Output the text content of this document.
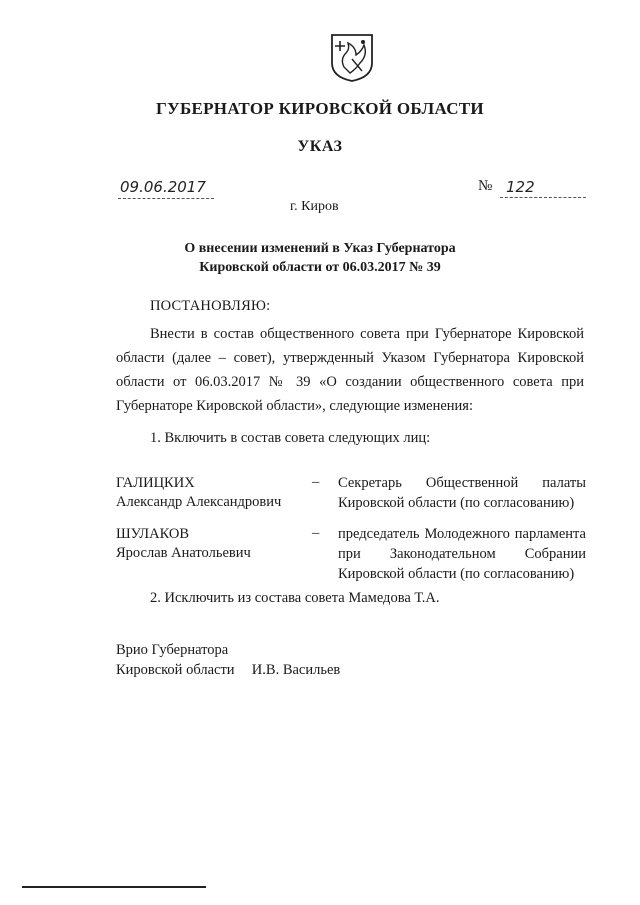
ГУБЕРНАТОР КИРОВСКОЙ ОБЛАСТИ
УКАЗ
09.06.2017	№ 122
г. Киров
О внесении изменений в Указ Губернатора
Кировской области от 06.03.2017 № 39
ПОСТАНОВЛЯЮ:
Внести в состав общественного совета при Губернаторе Кировской области (далее – совет), утвержденный Указом Губернатора Кировской области от 06.03.2017 № 39 «О создании общественного совета при Губернаторе Кировской области», следующие изменения:
1. Включить в состав совета следующих лиц:
ГАЛИЦКИХ
Александр Александрович
– Секретарь Общественной палаты Кировской области (по согласованию)
ШУЛАКОВ
Ярослав Анатольевич
– председатель Молодежного парламента при Законодательном Собрании Кировской области (по согласованию)
2. Исключить из состава совета Мамедова Т.А.
Врио Губернатора
Кировской области И.В. Васильев
